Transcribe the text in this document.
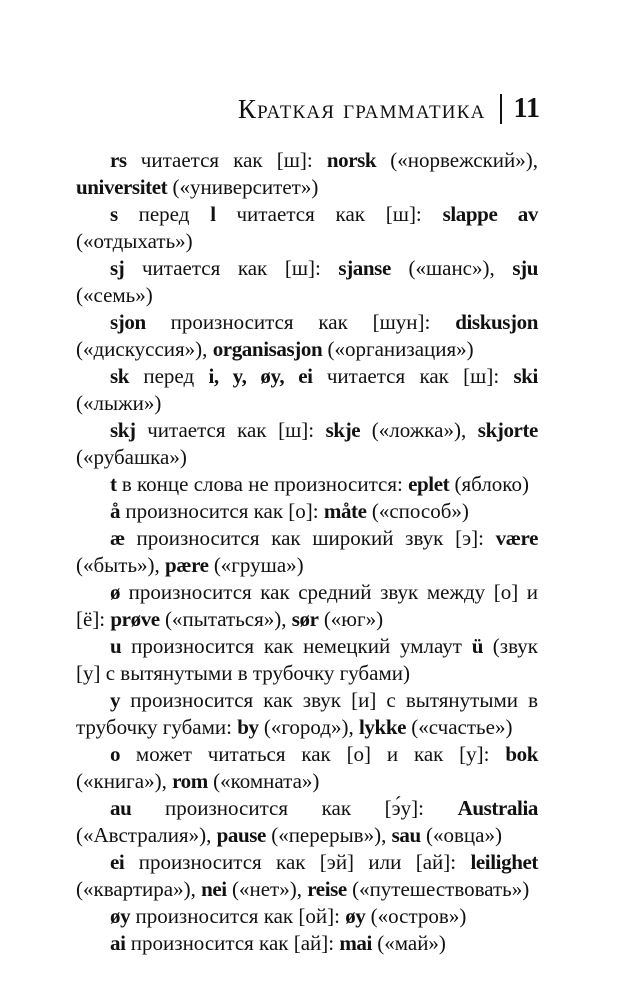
Краткая грамматика 11

rs читается как [ш]: norsk («норвежский»), universitet («университет»)

s перед l читается как [ш]: slappe av («отдыхать»)

sj читается как [ш]: sjanse («шанс»), sju («семь»)

sjon произносится как [шун]: diskusjon («дискуссия»), organisasjon («организация»)

sk перед i, y, øy, ei читается как [ш]: ski («лыжи»)

skj читается как [ш]: skje («ложка»), skjorte («рубашка»)

t в конце слова не произносится: eplet (яблоко)

å произносится как [о]: måte («способ»)

æ произносится как широкий звук [э]: være («быть»), pære («груша»)

ø произносится как средний звук между [о] и [ё]: prøve («пытаться»), sør («юг»)

u произносится как немецкий умлаут ü (звук [у] с вытянутыми в трубочку губами)

y произносится как звук [и] с вытянутыми в трубочку губами: by («город»), lykke («счастье»)

o может читаться как [о] и как [у]: bok («книга»), rom («комната»)

au произносится как [э́у]: Australia («Австралия»), pause («перерыв»), sau («овца»)

ei произносится как [эй] или [ай]: leilighet («квартира»), nei («нет»), reise («путешествовать»)

øy произносится как [ой]: øy («остров»)

ai произносится как [ай]: mai («май»)
